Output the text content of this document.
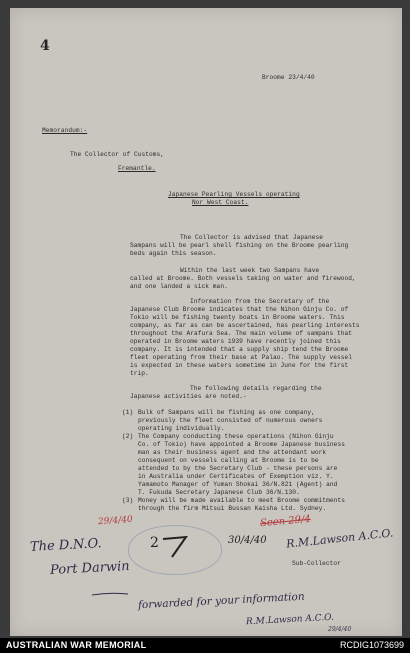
4
Broome 23/4/40
Memorandum:-
The Collector of Customs,
Fremantle.
Japanese Pearling Vessels operating
Nor West Coast.
The Collector is advised that Japanese
Sampans will be pearl shell fishing on the Broome pearling
beds again this season.
Within the last week two Sampans have
called at Broome. Both vessels taking on water and firewood,
and one landed a sick man.
Information from the Secretary of the
Japanese Club Broome indicates that the Nihon Ginju Co. of
Tokio will be fishing twenty boats in Broome waters. This
company, as far as can be ascertained, has pearling interests
throughout the Arafura Sea. The main volume of sampans that
operated in Broome waters 1939 have recently joined this
company. It is intended that a supply ship tend the Broome
fleet operating from their base at Palao. The supply vessel
is expected in these waters sometime in June for the first
trip.
The following details regarding the
Japanese activities are noted.-
(1) Bulk of Sampans will be fishing as one company,
previously the fleet consisted of numerous owners
operating individually.
(2) The Company conducting these operations (Nihon Ginju
Co. of Tokio) have appointed a Broome Japanese business
man as their business agent and the attendant work
consequent on vessels calling at Broome is to be
attended to by the Secretary Club - these persons are
in Australia under Certificates of Exemption viz. Y.
Yamamoto Manager of Yuman Shokai 36/N.821 (Agent) and
T. Fukuda Secretary Japanese Club 36/N.130.
(3) Money will be made available to meet Broome commitments
through the firm Mitsui Bussan Kaisha Ltd. Sydney.
29/4/40
The D.N.O.
Port Darwin
2
Seen 29/4
30/4/40 R.M.Lawson A.C.O.
Sub-Collector
forwarded for your information
R.M.Lawson A.C.O.
29/4/40
AUSTRALIAN WAR MEMORIAL	RCDIG1073699
